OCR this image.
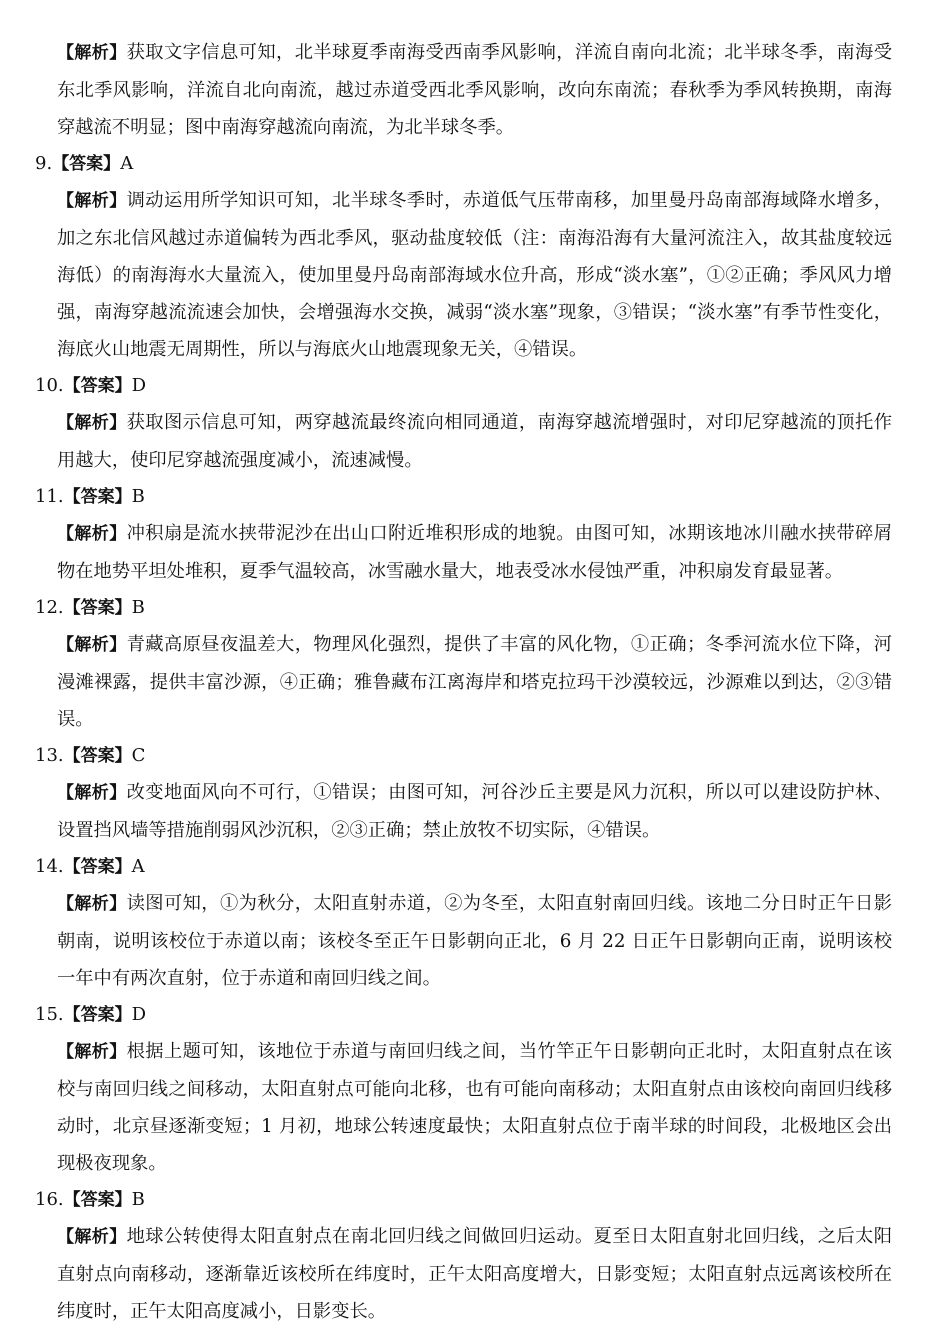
【解析】获取文字信息可知，北半球夏季南海受西南季风影响，洋流自南向北流；北半球冬季，南海受东北季风影响，洋流自北向南流，越过赤道受西北季风影响，改向东南流；春秋季为季风转换期，南海穿越流不明显；图中南海穿越流向南流，为北半球冬季。
9.【答案】A
【解析】调动运用所学知识可知，北半球冬季时，赤道低气压带南移，加里曼丹岛南部海域降水增多，加之东北信风越过赤道偏转为西北季风，驱动盐度较低（注：南海沿海有大量河流注入，故其盐度较远海低）的南海海水大量流入，使加里曼丹岛南部海域水位升高，形成“淡水塞”，①②正确；季风风力增强，南海穿越流流速会加快，会增强海水交换，减弱“淡水塞”现象，③错误；“淡水塞”有季节性变化，海底火山地震无周期性，所以与海底火山地震现象无关，④错误。
10.【答案】D
【解析】获取图示信息可知，两穿越流最终流向相同通道，南海穿越流增强时，对印尼穿越流的顶托作用越大，使印尼穿越流强度减小，流速减慢。
11.【答案】B
【解析】冲积扇是流水挟带泥沙在出山口附近堆积形成的地貌。由图可知，冰期该地冰川融水挟带碎屑物在地势平坦处堆积，夏季气温较高，冰雪融水量大，地表受冰水侵蚀严重，冲积扇发育最显著。
12.【答案】B
【解析】青藏高原昼夜温差大，物理风化强烈，提供了丰富的风化物，①正确；冬季河流水位下降，河漫滩裸露，提供丰富沙源，④正确；雅鲁藏布江离海岸和塔克拉玛干沙漠较远，沙源难以到达，②③错误。
13.【答案】C
【解析】改变地面风向不可行，①错误；由图可知，河谷沙丘主要是风力沉积，所以可以建设防护林、设置挡风墙等措施削弱风沙沉积，②③正确；禁止放牧不切实际，④错误。
14.【答案】A
【解析】读图可知，①为秋分，太阳直射赤道，②为冬至，太阳直射南回归线。该地二分日时正午日影朝南，说明该校位于赤道以南；该校冬至正午日影朝向正北，6 月 22 日正午日影朝向正南，说明该校一年中有两次直射，位于赤道和南回归线之间。
15.【答案】D
【解析】根据上题可知，该地位于赤道与南回归线之间，当竹竿正午日影朝向正北时，太阳直射点在该校与南回归线之间移动，太阳直射点可能向北移，也有可能向南移动；太阳直射点由该校向南回归线移动时，北京昼逐渐变短；1 月初，地球公转速度最快；太阳直射点位于南半球的时间段，北极地区会出现极夜现象。
16.【答案】B
【解析】地球公转使得太阳直射点在南北回归线之间做回归运动。夏至日太阳直射北回归线，之后太阳直射点向南移动，逐渐靠近该校所在纬度时，正午太阳高度增大，日影变短；太阳直射点远离该校所在纬度时，正午太阳高度减小，日影变长。
